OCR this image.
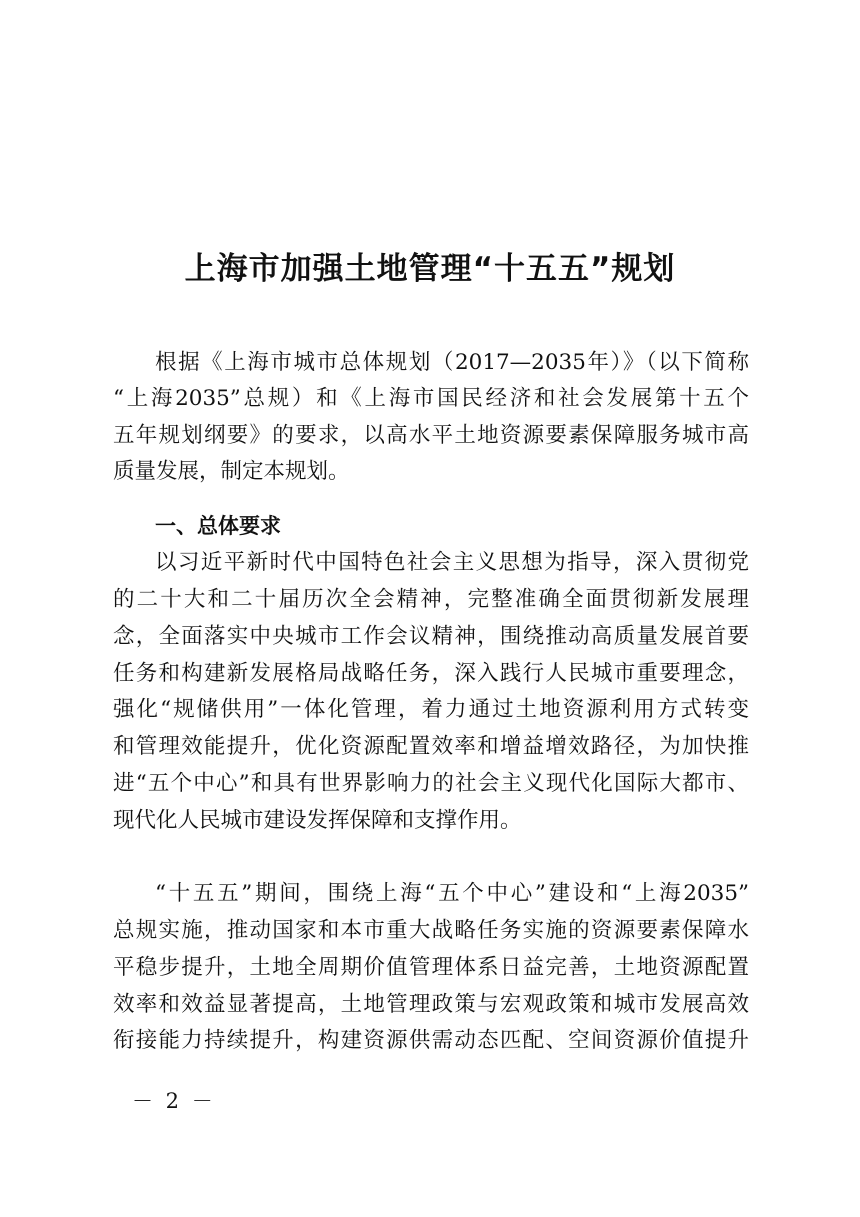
上海市加强土地管理“十五五”规划
根据《上海市城市总体规划（2017—2035年）》（以下简称
“上海2035”总规）和《上海市国民经济和社会发展第十五个
五年规划纲要》的要求，以高水平土地资源要素保障服务城市高
质量发展，制定本规划。
一、总体要求
以习近平新时代中国特色社会主义思想为指导，深入贯彻党
的二十大和二十届历次全会精神，完整准确全面贯彻新发展理
念，全面落实中央城市工作会议精神，围绕推动高质量发展首要
任务和构建新发展格局战略任务，深入践行人民城市重要理念，
强化“规储供用”一体化管理，着力通过土地资源利用方式转变
和管理效能提升，优化资源配置效率和增益增效路径，为加快推
进“五个中心”和具有世界影响力的社会主义现代化国际大都市、
现代化人民城市建设发挥保障和支撑作用。
“十五五”期间，围绕上海“五个中心”建设和“上海2035”
总规实施，推动国家和本市重大战略任务实施的资源要素保障水
平稳步提升，土地全周期价值管理体系日益完善，土地资源配置
效率和效益显著提高，土地管理政策与宏观政策和城市发展高效
衔接能力持续提升，构建资源供需动态匹配、空间资源价值提升
－ 2 －
